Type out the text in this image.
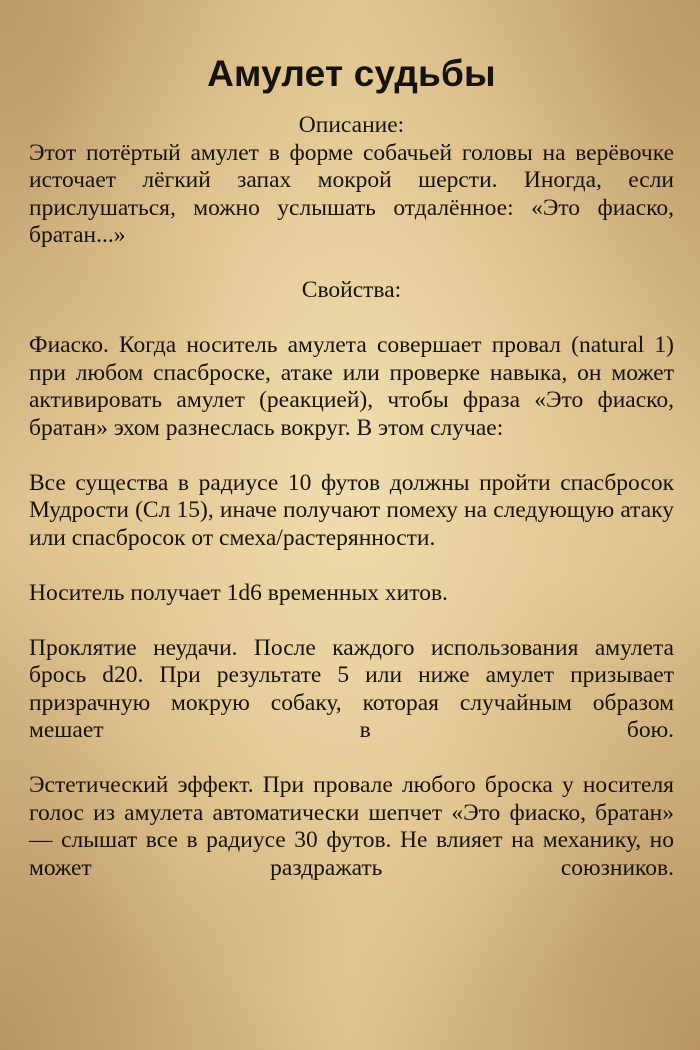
Амулет судьбы

Описание:

Этот потёртый амулет в форме собачьей головы на верёвочке источает лёгкий запах мокрой шерсти. Иногда, если прислушаться, можно услышать отдалённое: «Это фиаско, братан...»

Свойства:

Фиаско. Когда носитель амулета совершает провал (natural 1) при любом спасброске, атаке или проверке навыка, он может активировать амулет (реакцией), чтобы фраза «Это фиаско, братан» эхом разнеслась вокруг. В этом случае:

Все существа в радиусе 10 футов должны пройти спасбросок Мудрости (Сл 15), иначе получают помеху на следующую атаку или спасбросок от смеха/растерянности.

Носитель получает 1d6 временных хитов.

Проклятие неудачи. После каждого использования амулета брось d20. При результате 5 или ниже амулет призывает призрачную мокрую собаку, которая случайным образом мешает в бою.

Эстетический эффект. При провале любого броска у носителя голос из амулета автоматически шепчет «Это фиаско, братан» — слышат все в радиусе 30 футов. Не влияет на механику, но может раздражать союзников.
